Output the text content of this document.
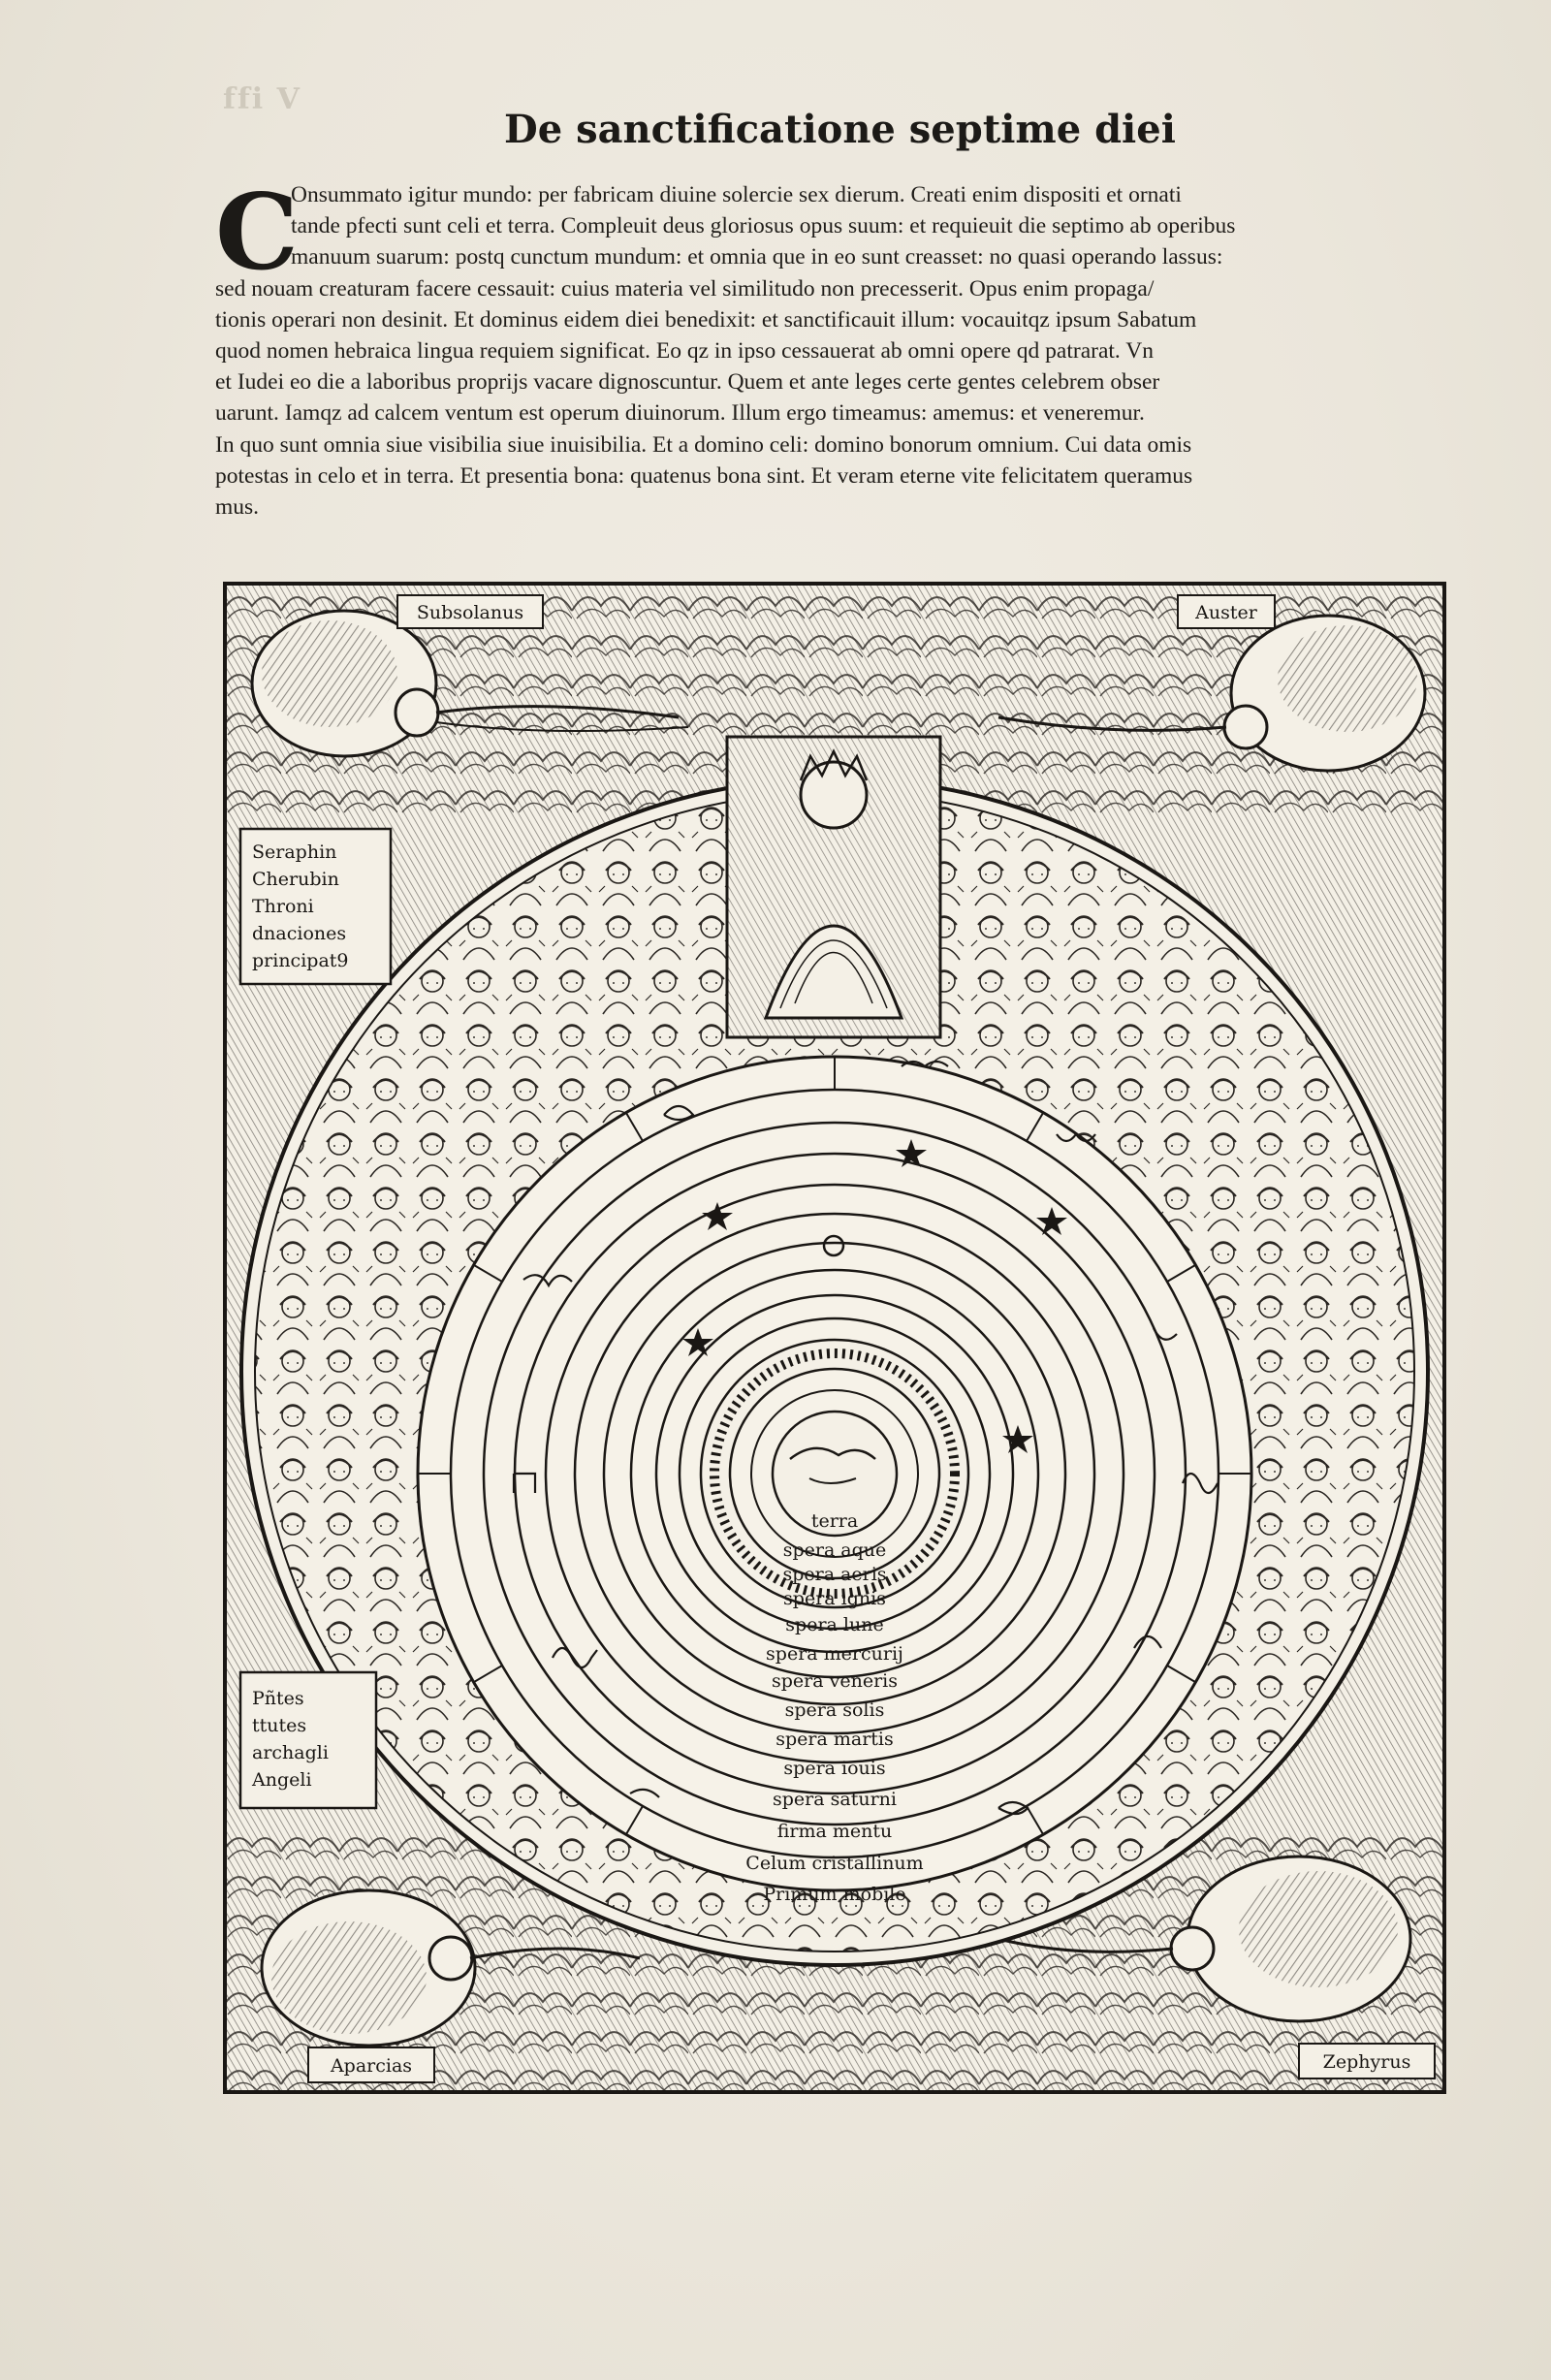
ffi V
De sanctificatione septime diei
C
Onsummato igitur mundo: per fabricam diuine solercie sex dierum. Creati enim dispositi et ornati
tande pfecti sunt celi et terra. Compleuit deus gloriosus opus suum: et requieuit die septimo ab operibus
manuum suarum: postq cunctum mundum: et omnia que in eo sunt creasset: no quasi operando lassus:
sed nouam creaturam facere cessauit: cuius materia vel similitudo non precesserit. Opus enim propaga/
tionis operari non desinit. Et dominus eidem diei benedixit: et sanctificauit illum: vocauitqz ipsum Sabatum
quod nomen hebraica lingua requiem significat. Eo qz in ipso cessauerat ab omni opere qd patrarat. Vn
et Iudei eo die a laboribus proprijs vacare dignoscuntur. Quem et ante leges certe gentes celebrem obser
uarunt. Iamqz ad calcem ventum est operum diuinorum. Illum ergo timeamus: amemus: et veneremur.
In quo sunt omnia siue visibilia siue inuisibilia. Et a domino celi: domino bonorum omnium. Cui data omis
potestas in celo et in terra. Et presentia bona: quatenus bona sint. Et veram eterne vite felicitatem queramus
mus.
terra
spera aque
spera aeris
spera ignis
spera lune
spera mercurij
spera veneris
spera solis
spera martis
spera iouis
spera saturni
firma mentu
Celum cristallinum
Primum mobile
Seraphin
Cherubin
Throni
dnaciones
principat9
Pñtes
ttutes
archagli
Angeli
Subsolanus	Auster
Aparcias	Zephyrus
